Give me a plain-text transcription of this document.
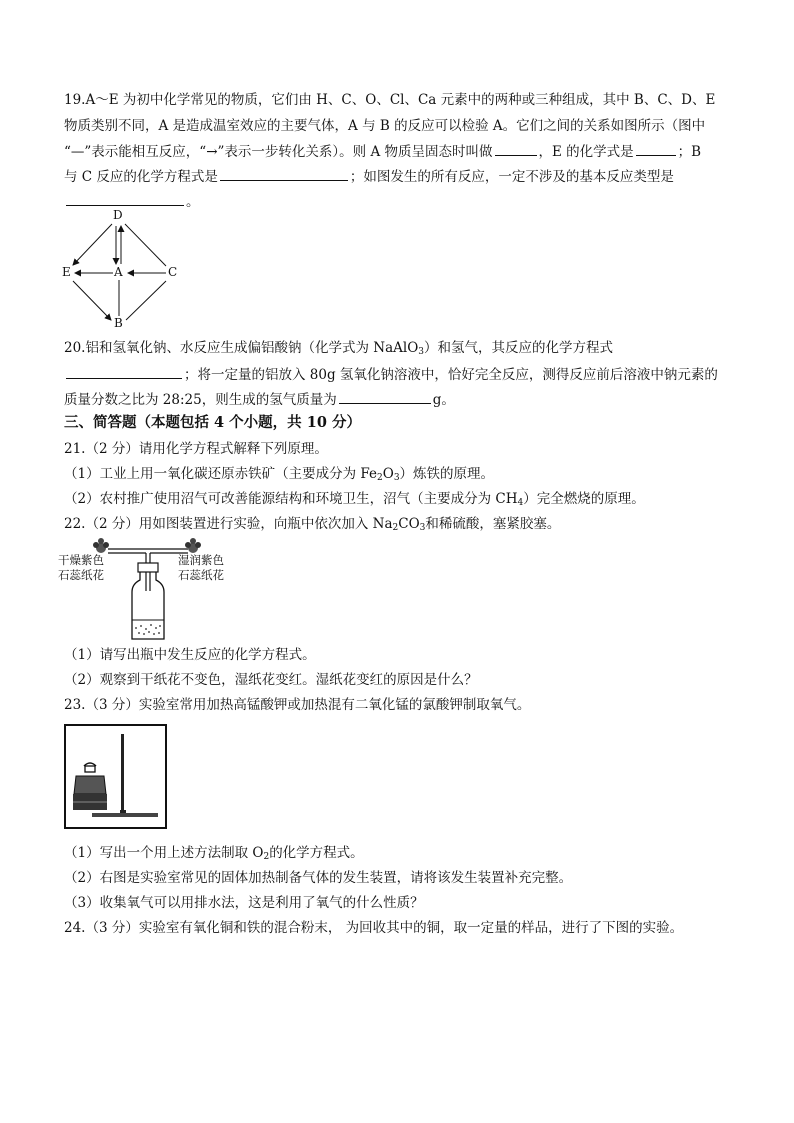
19.A～E 为初中化学常见的物质，它们由 H、C、O、Cl、Ca 元素中的两种或三种组成，其中 B、C、D、E
物质类别不同，A 是造成温室效应的主要气体，A 与 B 的反应可以检验 A。它们之间的关系如图所示（图中
“—”表示能相互反应，“→”表示一步转化关系）。则 A 物质呈固态时叫做	，E 的化学式是	；B
与 C 反应的化学方程式是	；如图发生的所有反应，一定不涉及的基本反应类型是
。
D
E	A	C
B
20.铝和氢氧化钠、水反应生成偏铝酸钠（化学式为 NaAlO$_3$）和氢气，其反应的化学方程式
；将一定量的铝放入 80g 氢氧化钠溶液中，恰好完全反应，测得反应前后溶液中钠元素的
质量分数之比为 28:25，则生成的氢气质量为	g。
三、简答题（本题包括 4 个小题，共 10 分）
21.（2 分）请用化学方程式解释下列原理。
（1）工业上用一氧化碳还原赤铁矿（主要成分为 $Fe_2O_3$）炼铁的原理。
（2）农村推广使用沼气可改善能源结构和环境卫生，沼气（主要成分为 $CH_4$）完全燃烧的原理。
22.（2 分）用如图装置进行实验，向瓶中依次加入 $Na_2CO_3$和稀硫酸，塞紧胶塞。
干燥紫色
石蕊纸花
湿润紫色
石蕊纸花
（1）请写出瓶中发生反应的化学方程式。
（2）观察到干纸花不变色，湿纸花变红。湿纸花变红的原因是什么？
23.（3 分）实验室常用加热高锰酸钾或加热混有二氧化锰的氯酸钾制取氧气。
（1）写出一个用上述方法制取 $O_2$的化学方程式。
（2）右图是实验室常见的固体加热制备气体的发生装置，请将该发生装置补充完整。
（3）收集氧气可以用排水法，这是利用了氧气的什么性质？
24.（3 分）实验室有氧化铜和铁的混合粉末， 为回收其中的铜，取一定量的样品，进行了下图的实验。
